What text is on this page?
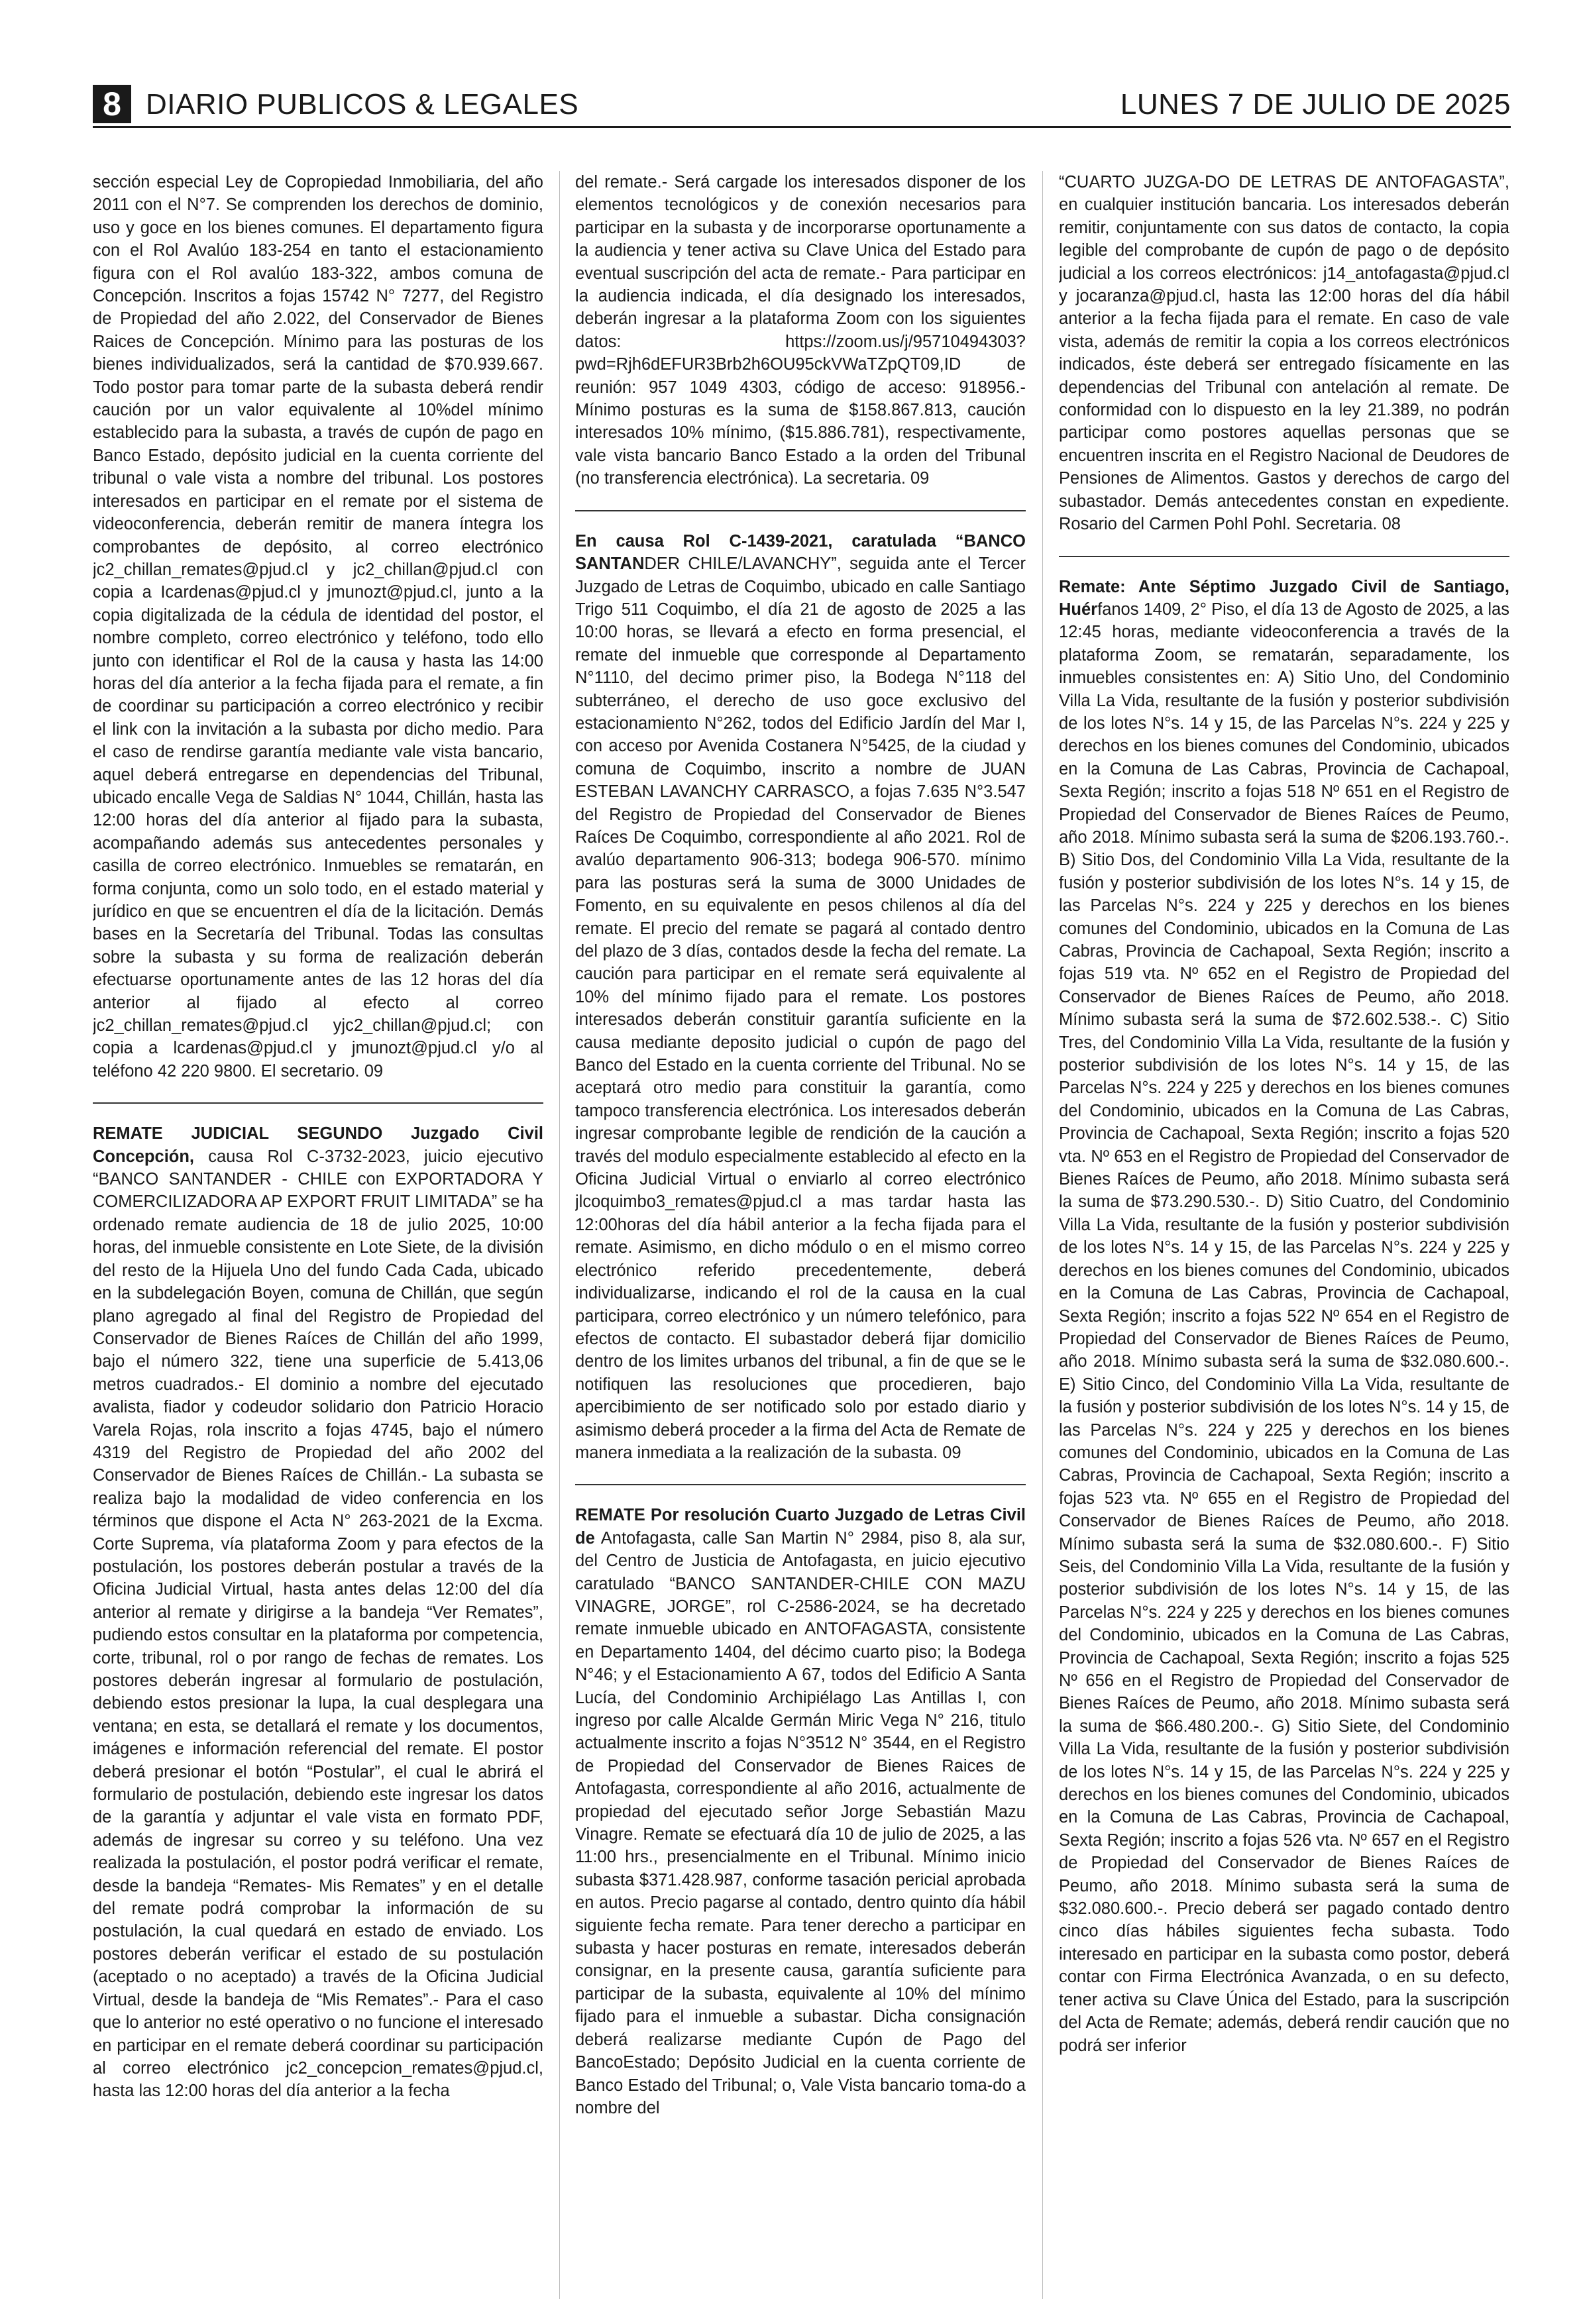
8 DIARIO PUBLICOS & LEGALES	LUNES 7 DE JULIO DE 2025

sección especial Ley de Copropiedad Inmobiliaria, del año 2011 con el N°7. Se comprenden los derechos de dominio, uso y goce en los bienes comunes. El departamento figura con el Rol Avalúo 183-254 en tanto el estacionamiento figura con el Rol avalúo 183-322, ambos comuna de Concepción. Inscritos a fojas 15742 N° 7277, del Registro de Propiedad del año 2.022, del Conservador de Bienes Raices de Concepción. Mínimo para las posturas de los bienes individualizados, será la cantidad de $70.939.667. Todo postor para tomar parte de la subasta deberá rendir caución por un valor equivalente al 10%del mínimo establecido para la subasta, a través de cupón de pago en Banco Estado, depósito judicial en la cuenta corriente del tribunal o vale vista a nombre del tribunal. Los postores interesados en participar en el remate por el sistema de videoconferencia, deberán remitir de manera íntegra los comprobantes de depósito, al correo electrónico jc2_chillan_remates@pjud.cl y jc2_chillan@pjud.cl con copia a Icardenas@pjud.cl y jmunozt@pjud.cl, junto a la copia digitalizada de la cédula de identidad del postor, el nombre completo, correo electrónico y teléfono, todo ello junto con identificar el Rol de la causa y hasta las 14:00 horas del día anterior a la fecha fijada para el remate, a fin de coordinar su participación a correo electrónico y recibir el link con la invitación a la subasta por dicho medio. Para el caso de rendirse garantía mediante vale vista bancario, aquel deberá entregarse en dependencias del Tribunal, ubicado encalle Vega de Saldias N° 1044, Chillán, hasta las 12:00 horas del día anterior al fijado para la subasta, acompañando además sus antecedentes personales y casilla de correo electrónico. Inmuebles se rematarán, en forma conjunta, como un solo todo, en el estado material y jurídico en que se encuentren el día de la licitación. Demás bases en la Secretaría del Tribunal. Todas las consultas sobre la subasta y su forma de realización deberán efectuarse oportunamente antes de las 12 horas del día anterior al fijado al efecto al correo jc2_chillan_remates@pjud.cl yjc2_chillan@pjud.cl; con copia a lcardenas@pjud.cl y jmunozt@pjud.cl y/o al teléfono 42 220 9800. El secretario. 09

REMATE JUDICIAL SEGUNDO Juzgado Civil Concepción, causa Rol C-3732-2023, juicio ejecutivo “BANCO SANTANDER - CHILE con EXPORTADORA Y COMERCILIZADORA AP EXPORT FRUIT LIMITADA” se ha ordenado remate audiencia de 18 de julio 2025, 10:00 horas, del inmueble consistente en Lote Siete, de la división del resto de la Hijuela Uno del fundo Cada Cada, ubicado en la subdelegación Boyen, comuna de Chillán, que según plano agregado al final del Registro de Propiedad del Conservador de Bienes Raíces de Chillán del año 1999, bajo el número 322, tiene una superficie de 5.413,06 metros cuadrados.- El dominio a nombre del ejecutado avalista, fiador y codeudor solidario don Patricio Horacio Varela Rojas, rola inscrito a fojas 4745, bajo el número 4319 del Registro de Propiedad del año 2002 del Conservador de Bienes Raíces de Chillán.- La subasta se realiza bajo la modalidad de video conferencia en los términos que dispone el Acta N° 263-2021 de la Excma. Corte Suprema, vía plataforma Zoom y para efectos de la postulación, los postores deberán postular a través de la Oficina Judicial Virtual, hasta antes delas 12:00 del día anterior al remate y dirigirse a la bandeja “Ver Remates”, pudiendo estos consultar en la plataforma por competencia, corte, tribunal, rol o por rango de fechas de remates. Los postores deberán ingresar al formulario de postulación, debiendo estos presionar la lupa, la cual desplegara una ventana; en esta, se detallará el remate y los documentos, imágenes e información referencial del remate. El postor deberá presionar el botón “Postular”, el cual le abrirá el formulario de postulación, debiendo este ingresar los datos de la garantía y adjuntar el vale vista en formato PDF, además de ingresar su correo y su teléfono. Una vez realizada la postulación, el postor podrá verificar el remate, desde la bandeja “Remates- Mis Remates” y en el detalle del remate podrá comprobar la información de su postulación, la cual quedará en estado de enviado. Los postores deberán verificar el estado de su postulación (aceptado o no aceptado) a través de la Oficina Judicial Virtual, desde la bandeja de “Mis Remates”.- Para el caso que lo anterior no esté operativo o no funcione el interesado en participar en el remate deberá coordinar su participación al correo electrónico jc2_concepcion_remates@pjud.cl, hasta las 12:00 horas del día anterior a la fecha

del remate.- Será cargade los interesados disponer de los elementos tecnológicos y de conexión necesarios para participar en la subasta y de incorporarse oportunamente a la audiencia y tener activa su Clave Unica del Estado para eventual suscripción del acta de remate.- Para participar en la audiencia indicada, el día designado los interesados, deberán ingresar a la plataforma Zoom con los siguientes datos: https://zoom.us/j/95710494303?pwd=Rjh6dEFUR3Brb2h6OU95ckVWaTZpQT09,ID de reunión: 957 1049 4303, código de acceso: 918956.- Mínimo posturas es la suma de $158.867.813, caución interesados 10% mínimo, ($15.886.781), respectivamente, vale vista bancario Banco Estado a la orden del Tribunal (no transferencia electrónica). La secretaria. 09

En causa Rol C-1439-2021, caratulada “BANCO SANTANDER CHILE/LAVANCHY”, seguida ante el Tercer Juzgado de Letras de Coquimbo, ubicado en calle Santiago Trigo 511 Coquimbo, el día 21 de agosto de 2025 a las 10:00 horas, se llevará a efecto en forma presencial, el remate del inmueble que corresponde al Departamento N°1110, del decimo primer piso, la Bodega N°118 del subterráneo, el derecho de uso goce exclusivo del estacionamiento N°262, todos del Edificio Jardín del Mar I, con acceso por Avenida Costanera N°5425, de la ciudad y comuna de Coquimbo, inscrito a nombre de JUAN ESTEBAN LAVANCHY CARRASCO, a fojas 7.635 N°3.547 del Registro de Propiedad del Conservador de Bienes Raíces De Coquimbo, correspondiente al año 2021. Rol de avalúo departamento 906-313; bodega 906-570. mínimo para las posturas será la suma de 3000 Unidades de Fomento, en su equivalente en pesos chilenos al día del remate. El precio del remate se pagará al contado dentro del plazo de 3 días, contados desde la fecha del remate. La caución para participar en el remate será equivalente al 10% del mínimo fijado para el remate. Los postores interesados deberán constituir garantía suficiente en la causa mediante deposito judicial o cupón de pago del Banco del Estado en la cuenta corriente del Tribunal. No se aceptará otro medio para constituir la garantía, como tampoco transferencia electrónica. Los interesados deberán ingresar comprobante legible de rendición de la caución a través del modulo especialmente establecido al efecto en la Oficina Judicial Virtual o enviarlo al correo electrónico jlcoquimbo3_remates@pjud.cl a mas tardar hasta las 12:00horas del día hábil anterior a la fecha fijada para el remate. Asimismo, en dicho módulo o en el mismo correo electrónico referido precedentemente, deberá individualizarse, indicando el rol de la causa en la cual participara, correo electrónico y un número telefónico, para efectos de contacto. El subastador deberá fijar domicilio dentro de los limites urbanos del tribunal, a fin de que se le notifiquen las resoluciones que procedieren, bajo apercibimiento de ser notificado solo por estado diario y asimismo deberá proceder a la firma del Acta de Remate de manera inmediata a la realización de la subasta. 09

REMATE Por resolución Cuarto Juzgado de Letras Civil de Antofagasta, calle San Martin N° 2984, piso 8, ala sur, del Centro de Justicia de Antofagasta, en juicio ejecutivo caratulado “BANCO SANTANDER-CHILE CON MAZU VINAGRE, JORGE”, rol C-2586-2024, se ha decretado remate inmueble ubicado en ANTOFAGASTA, consistente en Departamento 1404, del décimo cuarto piso; la Bodega N°46; y el Estacionamiento A 67, todos del Edificio A Santa Lucía, del Condominio Archipiélago Las Antillas I, con ingreso por calle Alcalde Germán Miric Vega N° 216, titulo actualmente inscrito a fojas N°3512 N° 3544, en el Registro de Propiedad del Conservador de Bienes Raices de Antofagasta, correspondiente al año 2016, actualmente de propiedad del ejecutado señor Jorge Sebastián Mazu Vinagre. Remate se efectuará día 10 de julio de 2025, a las 11:00 hrs., presencialmente en el Tribunal. Mínimo inicio subasta $371.428.987, conforme tasación pericial aprobada en autos. Precio pagarse al contado, dentro quinto día hábil siguiente fecha remate. Para tener derecho a participar en subasta y hacer posturas en remate, interesados deberán consignar, en la presente causa, garantía suficiente para participar de la subasta, equivalente al 10% del mínimo fijado para el inmueble a subastar. Dicha consignación deberá realizarse mediante Cupón de Pago del BancoEstado; Depósito Judicial en la cuenta corriente de Banco Estado del Tribunal; o, Vale Vista bancario toma-do a nombre del

“CUARTO JUZGA-DO DE LETRAS DE ANTOFAGASTA”, en cualquier institución bancaria. Los interesados deberán remitir, conjuntamente con sus datos de contacto, la copia legible del comprobante de cupón de pago o de depósito judicial a los correos electrónicos: j14_antofagasta@pjud.cl y jocaranza@pjud.cl, hasta las 12:00 horas del día hábil anterior a la fecha fijada para el remate. En caso de vale vista, además de remitir la copia a los correos electrónicos indicados, éste deberá ser entregado físicamente en las dependencias del Tribunal con antelación al remate. De conformidad con lo dispuesto en la ley 21.389, no podrán participar como postores aquellas personas que se encuentren inscrita en el Registro Nacional de Deudores de Pensiones de Alimentos. Gastos y derechos de cargo del subastador. Demás antecedentes constan en expediente. Rosario del Carmen Pohl Pohl. Secretaria. 08

Remate: Ante Séptimo Juzgado Civil de Santiago, Huérfanos 1409, 2° Piso, el día 13 de Agosto de 2025, a las 12:45 horas, mediante videoconferencia a través de la plataforma Zoom, se rematarán, separadamente, los inmuebles consistentes en: A) Sitio Uno, del Condominio Villa La Vida, resultante de la fusión y posterior subdivisión de los lotes N°s. 14 y 15, de las Parcelas N°s. 224 y 225 y derechos en los bienes comunes del Condominio, ubicados en la Comuna de Las Cabras, Provincia de Cachapoal, Sexta Región; inscrito a fojas 518 Nº 651 en el Registro de Propiedad del Conservador de Bienes Raíces de Peumo, año 2018. Mínimo subasta será la suma de $206.193.760.-. B) Sitio Dos, del Condominio Villa La Vida, resultante de la fusión y posterior subdivisión de los lotes N°s. 14 y 15, de las Parcelas N°s. 224 y 225 y derechos en los bienes comunes del Condominio, ubicados en la Comuna de Las Cabras, Provincia de Cachapoal, Sexta Región; inscrito a fojas 519 vta. Nº 652 en el Registro de Propiedad del Conservador de Bienes Raíces de Peumo, año 2018. Mínimo subasta será la suma de $72.602.538.-. C) Sitio Tres, del Condominio Villa La Vida, resultante de la fusión y posterior subdivisión de los lotes N°s. 14 y 15, de las Parcelas N°s. 224 y 225 y derechos en los bienes comunes del Condominio, ubicados en la Comuna de Las Cabras, Provincia de Cachapoal, Sexta Región; inscrito a fojas 520 vta. Nº 653 en el Registro de Propiedad del Conservador de Bienes Raíces de Peumo, año 2018. Mínimo subasta será la suma de $73.290.530.-. D) Sitio Cuatro, del Condominio Villa La Vida, resultante de la fusión y posterior subdivisión de los lotes N°s. 14 y 15, de las Parcelas N°s. 224 y 225 y derechos en los bienes comunes del Condominio, ubicados en la Comuna de Las Cabras, Provincia de Cachapoal, Sexta Región; inscrito a fojas 522 Nº 654 en el Registro de Propiedad del Conservador de Bienes Raíces de Peumo, año 2018. Mínimo subasta será la suma de $32.080.600.-. E) Sitio Cinco, del Condominio Villa La Vida, resultante de la fusión y posterior subdivisión de los lotes N°s. 14 y 15, de las Parcelas N°s. 224 y 225 y derechos en los bienes comunes del Condominio, ubicados en la Comuna de Las Cabras, Provincia de Cachapoal, Sexta Región; inscrito a fojas 523 vta. Nº 655 en el Registro de Propiedad del Conservador de Bienes Raíces de Peumo, año 2018. Mínimo subasta será la suma de $32.080.600.-. F) Sitio Seis, del Condominio Villa La Vida, resultante de la fusión y posterior subdivisión de los lotes N°s. 14 y 15, de las Parcelas N°s. 224 y 225 y derechos en los bienes comunes del Condominio, ubicados en la Comuna de Las Cabras, Provincia de Cachapoal, Sexta Región; inscrito a fojas 525 Nº 656 en el Registro de Propiedad del Conservador de Bienes Raíces de Peumo, año 2018. Mínimo subasta será la suma de $66.480.200.-. G) Sitio Siete, del Condominio Villa La Vida, resultante de la fusión y posterior subdivisión de los lotes N°s. 14 y 15, de las Parcelas N°s. 224 y 225 y derechos en los bienes comunes del Condominio, ubicados en la Comuna de Las Cabras, Provincia de Cachapoal, Sexta Región; inscrito a fojas 526 vta. Nº 657 en el Registro de Propiedad del Conservador de Bienes Raíces de Peumo, año 2018. Mínimo subasta será la suma de $32.080.600.-. Precio deberá ser pagado contado dentro cinco días hábiles siguientes fecha subasta. Todo interesado en participar en la subasta como postor, deberá contar con Firma Electrónica Avanzada, o en su defecto, tener activa su Clave Única del Estado, para la suscripción del Acta de Remate; además, deberá rendir caución que no podrá ser inferior
